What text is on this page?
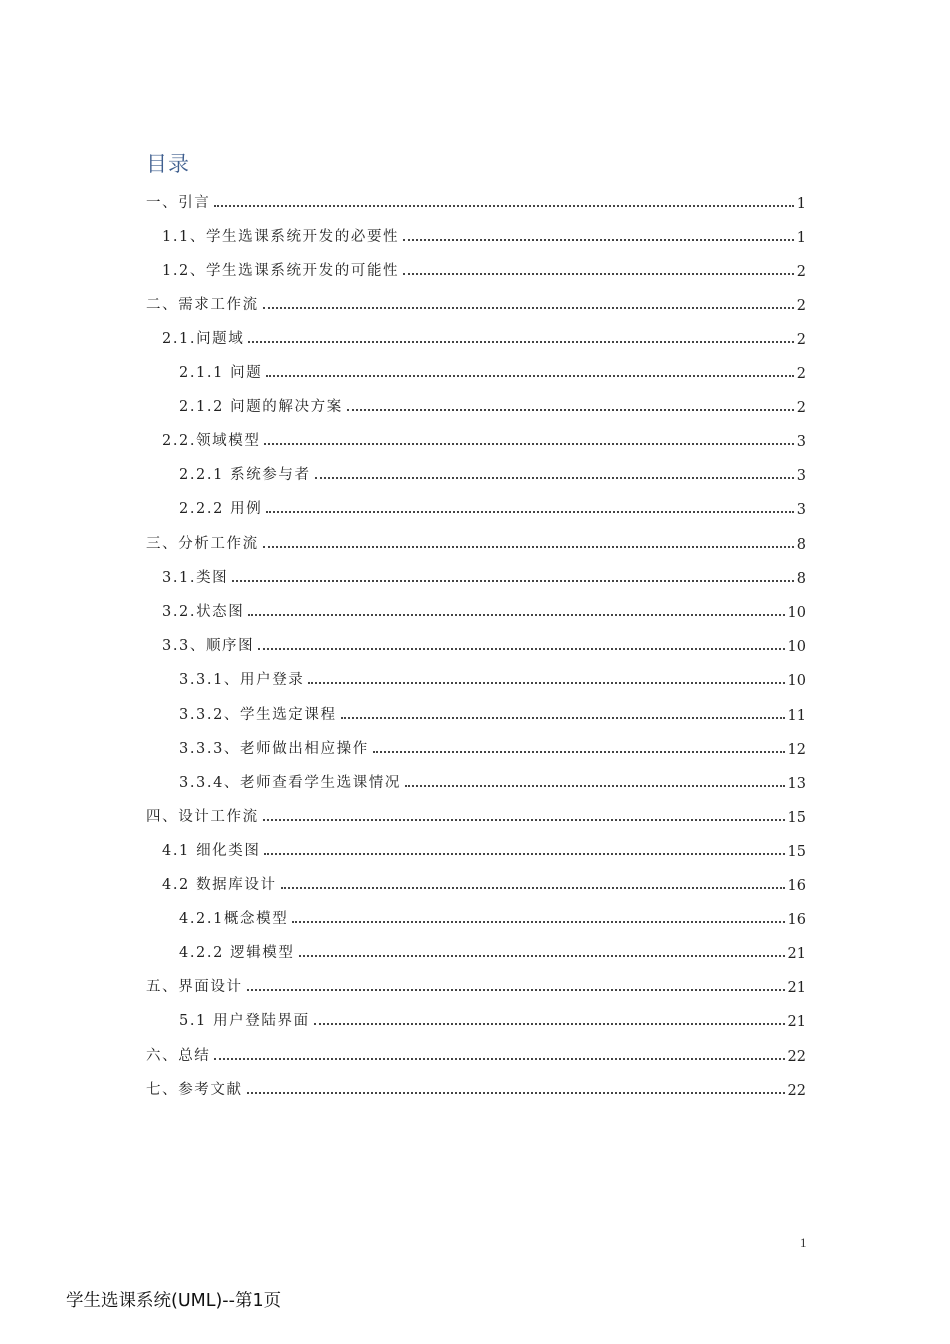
目录
一、引言	1
1.1、学生选课系统开发的必要性	1
1.2、学生选课系统开发的可能性	2
二、需求工作流	2
2.1.问题域	2
2.1.1 问题	2
2.1.2 问题的解决方案	2
2.2.领域模型	3
2.2.1 系统参与者	3
2.2.2 用例	3
三、分析工作流	8
3.1.类图	8
3.2.状态图	10
3.3、顺序图	10
3.3.1、用户登录	10
3.3.2、学生选定课程	11
3.3.3、老师做出相应操作	12
3.3.4、老师查看学生选课情况	13
四、设计工作流	15
4.1 细化类图	15
4.2 数据库设计	16
4.2.1概念模型	16
4.2.2 逻辑模型	21
五、界面设计	21
5.1 用户登陆界面	21
六、总结	22
七、参考文献	22
1
学生选课系统(UML)--第1页
